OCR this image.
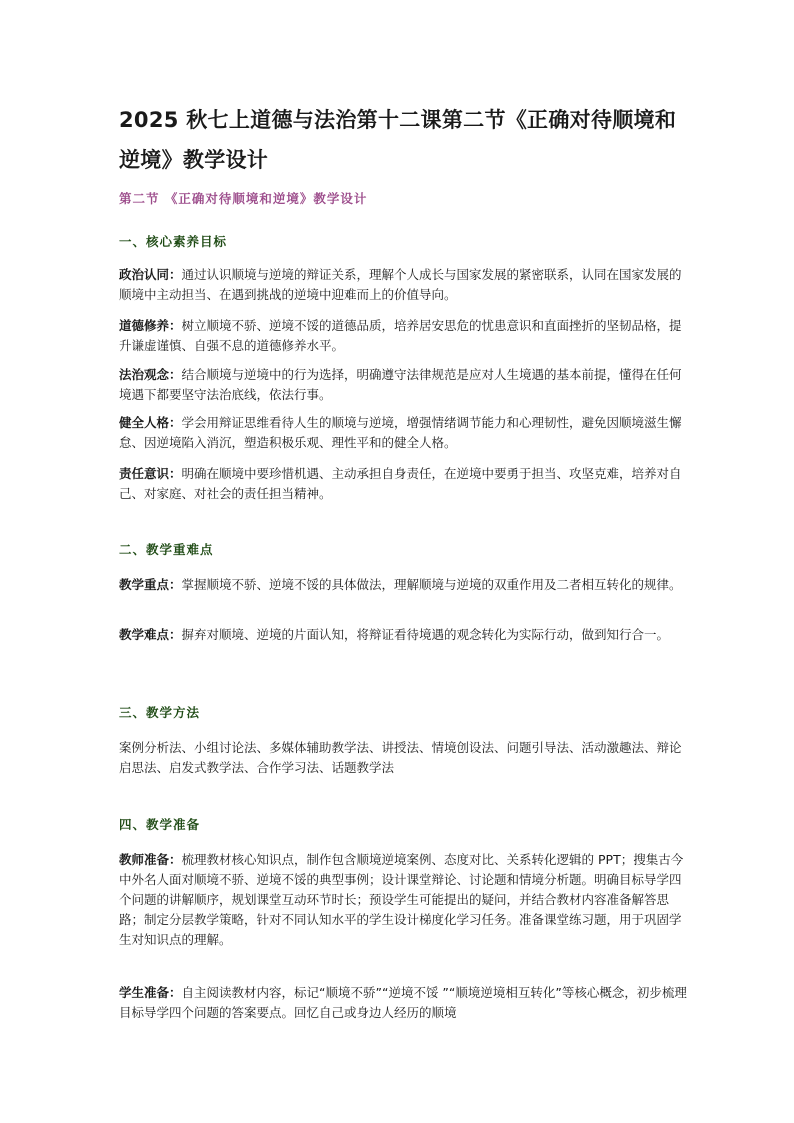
2025 秋七上道德与法治第十二课第二节《正确对待顺境和逆境》教学设计

第二节 《正确对待顺境和逆境》教学设计

一、核心素养目标

政治认同：通过认识顺境与逆境的辩证关系，理解个人成长与国家发展的紧密联系，认同在国家发展的顺境中主动担当、在遇到挑战的逆境中迎难而上的价值导向。

道德修养：树立顺境不骄、逆境不馁的道德品质，培养居安思危的忧患意识和直面挫折的坚韧品格，提升谦虚谨慎、自强不息的道德修养水平。

法治观念：结合顺境与逆境中的行为选择，明确遵守法律规范是应对人生境遇的基本前提，懂得在任何境遇下都要坚守法治底线，依法行事。

健全人格：学会用辩证思维看待人生的顺境与逆境，增强情绪调节能力和心理韧性，避免因顺境滋生懈怠、因逆境陷入消沉，塑造积极乐观、理性平和的健全人格。

责任意识：明确在顺境中要珍惜机遇、主动承担自身责任，在逆境中要勇于担当、攻坚克难，培养对自己、对家庭、对社会的责任担当精神。

二、教学重难点

教学重点：掌握顺境不骄、逆境不馁的具体做法，理解顺境与逆境的双重作用及二者相互转化的规律。

教学难点：摒弃对顺境、逆境的片面认知，将辩证看待境遇的观念转化为实际行动，做到知行合一。

三、教学方法

案例分析法、小组讨论法、多媒体辅助教学法、讲授法、情境创设法、问题引导法、活动激趣法、辩论启思法、启发式教学法、合作学习法、话题教学法

四、教学准备

教师准备：梳理教材核心知识点，制作包含顺境逆境案例、态度对比、关系转化逻辑的 PPT；搜集古今中外名人面对顺境不骄、逆境不馁的典型事例；设计课堂辩论、讨论题和情境分析题。明确目标导学四个问题的讲解顺序，规划课堂互动环节时长；预设学生可能提出的疑问，并结合教材内容准备解答思路；制定分层教学策略，针对不同认知水平的学生设计梯度化学习任务。准备课堂练习题，用于巩固学生对知识点的理解。

学生准备：自主阅读教材内容，标记“顺境不骄”“逆境不馁 ”“顺境逆境相互转化”等核心概念，初步梳理目标导学四个问题的答案要点。回忆自己或身边人经历的顺境
